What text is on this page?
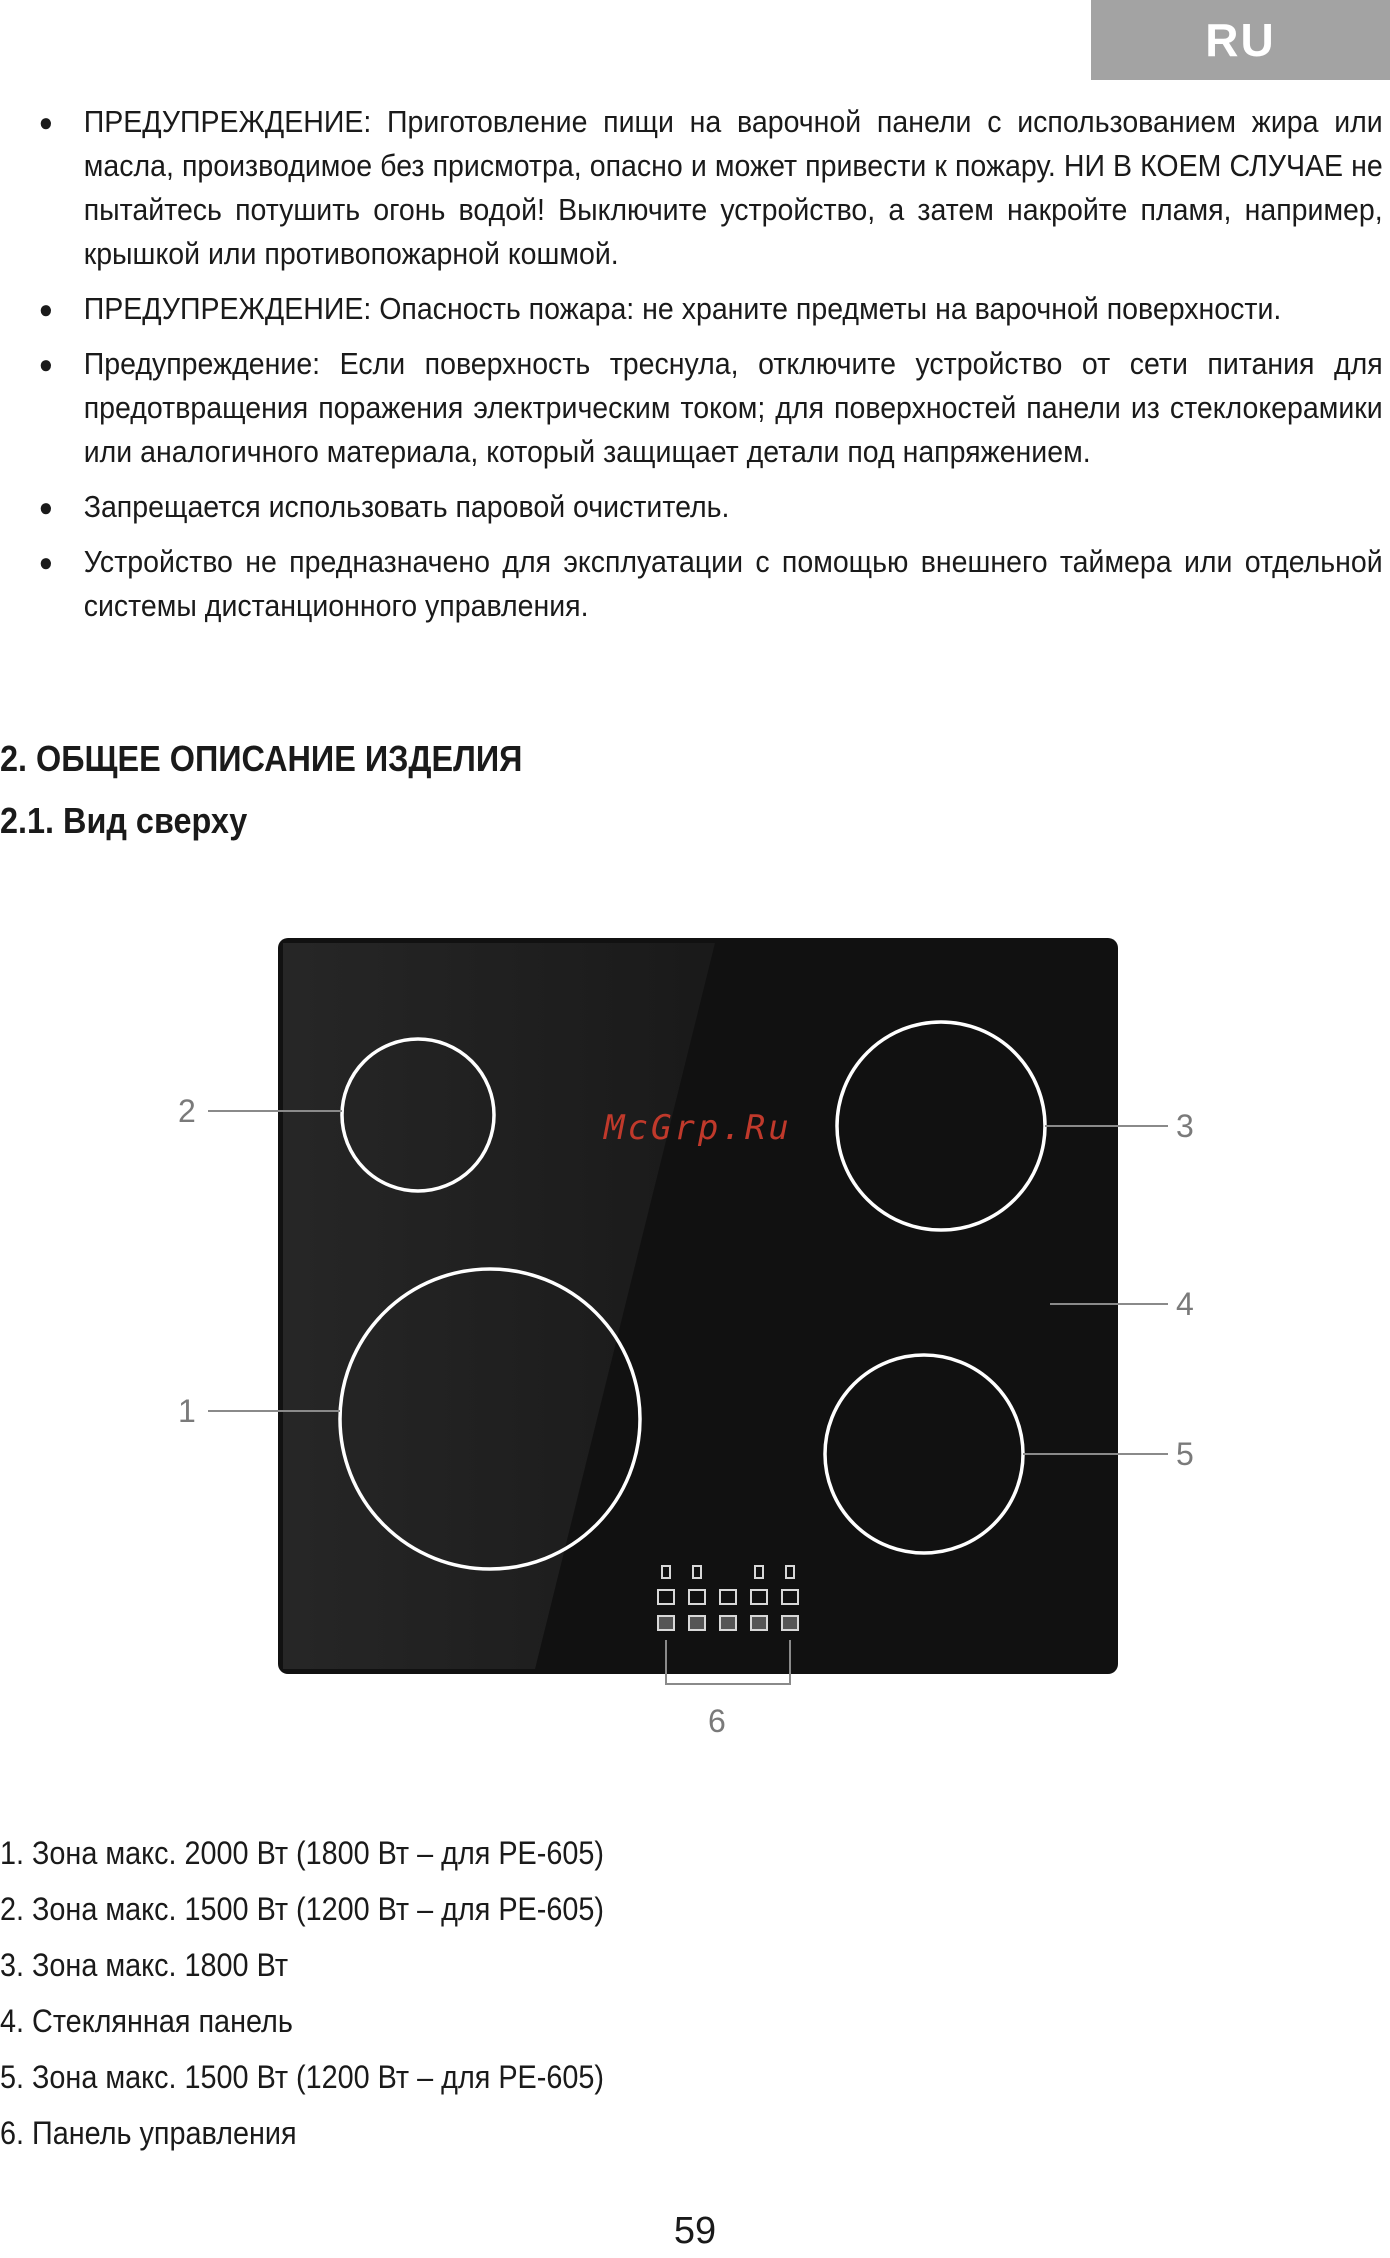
RU
● ПРЕДУПРЕЖДЕНИЕ: Приготовление пищи на варочной панели с использованием жира или масла, производимое без присмотра, опасно и может привести к пожару. НИ В КОЕМ СЛУЧАЕ не пытайтесь потушить огонь водой! Выключите устройство, а затем накройте пламя, например, крышкой или противопожарной кошмой.
● ПРЕДУПРЕЖДЕНИЕ: Опасность пожара: не храните предметы на варочной поверхности.
● Предупреждение: Если поверхность треснула, отключите устройство от сети питания для предотвращения поражения электрическим током; для поверхностей панели из стеклокерамики или аналогичного материала, который защищает детали под напряжением.
● Запрещается использовать паровой очиститель.
● Устройство не предназначено для эксплуатации с помощью внешнего таймера или отдельной системы дистанционного управления.
2. ОБЩЕЕ ОПИСАНИЕ ИЗДЕЛИЯ
2.1. Вид сверху
McGrp.Ru
2	3
4
1
5
6
1. Зона макс. 2000 Вт (1800 Вт – для PE-605)
2. Зона макс. 1500 Вт (1200 Вт – для PE-605)
3. Зона макс. 1800 Вт
4. Стеклянная панель
5. Зона макс. 1500 Вт (1200 Вт – для PE-605)
6. Панель управления
59
